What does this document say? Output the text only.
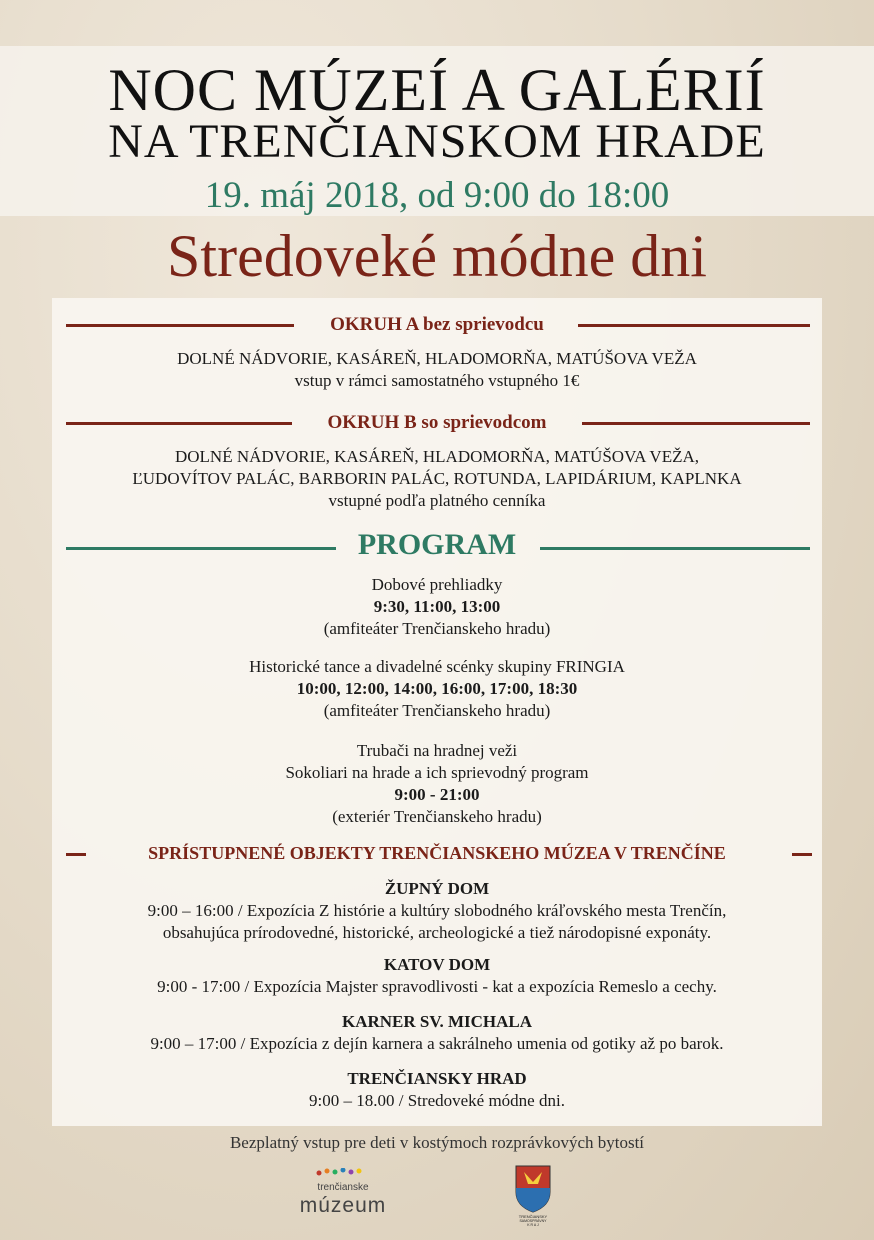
NOC MÚZEÍ A GALÉRIÍ
NA TRENČIANSKOM HRADE
19. máj 2018, od 9:00 do 18:00
Stredoveké módne dni
OKRUH A bez sprievodcu
DOLNÉ NÁDVORIE, KASÁREŇ, HLADOMORŇA, MATÚŠOVA VEŽA
vstup v rámci samostatného vstupného 1€
OKRUH B so sprievodcom
DOLNÉ NÁDVORIE, KASÁREŇ, HLADOMORŇA, MATÚŠOVA VEŽA,
ĽUDOVÍTOV PALÁC, BARBORIN PALÁC, ROTUNDA, LAPIDÁRIUM, KAPLNKA
vstupné podľa platného cenníka
PROGRAM
Dobové prehliadky
9:30, 11:00, 13:00
(amfiteáter Trenčianskeho hradu)
Historické tance a divadelné scénky skupiny FRINGIA
10:00, 12:00, 14:00, 16:00, 17:00, 18:30
(amfiteáter Trenčianskeho hradu)
Trubači na hradnej veži
Sokoliari na hrade a ich sprievodný program
9:00 - 21:00
(exteriér Trenčianskeho hradu)
SPRÍSTUPNENÉ OBJEKTY TRENČIANSKEHO MÚZEA V TRENČÍNE
ŽUPNÝ DOM
9:00 – 16:00 / Expozícia Z histórie a kultúry slobodného kráľovského mesta Trenčín,
obsahujúca prírodovedné, historické, archeologické a tiež národopisné exponáty.
KATOV DOM
9:00 - 17:00 / Expozícia Majster spravodlivosti - kat a expozícia Remeslo a cechy.
KARNER SV. MICHALA
9:00 – 17:00 / Expozícia z dejín karnera a sakrálneho umenia od gotiky až po barok.
TRENČIANSKY HRAD
9:00 – 18.00 / Stredoveké módne dni.
Bezplatný vstup pre deti v kostýmoch rozprávkových bytostí
trenčianske
múzeum	TRENČIANSKY
SAMOSPRÁVNY
K R A J
